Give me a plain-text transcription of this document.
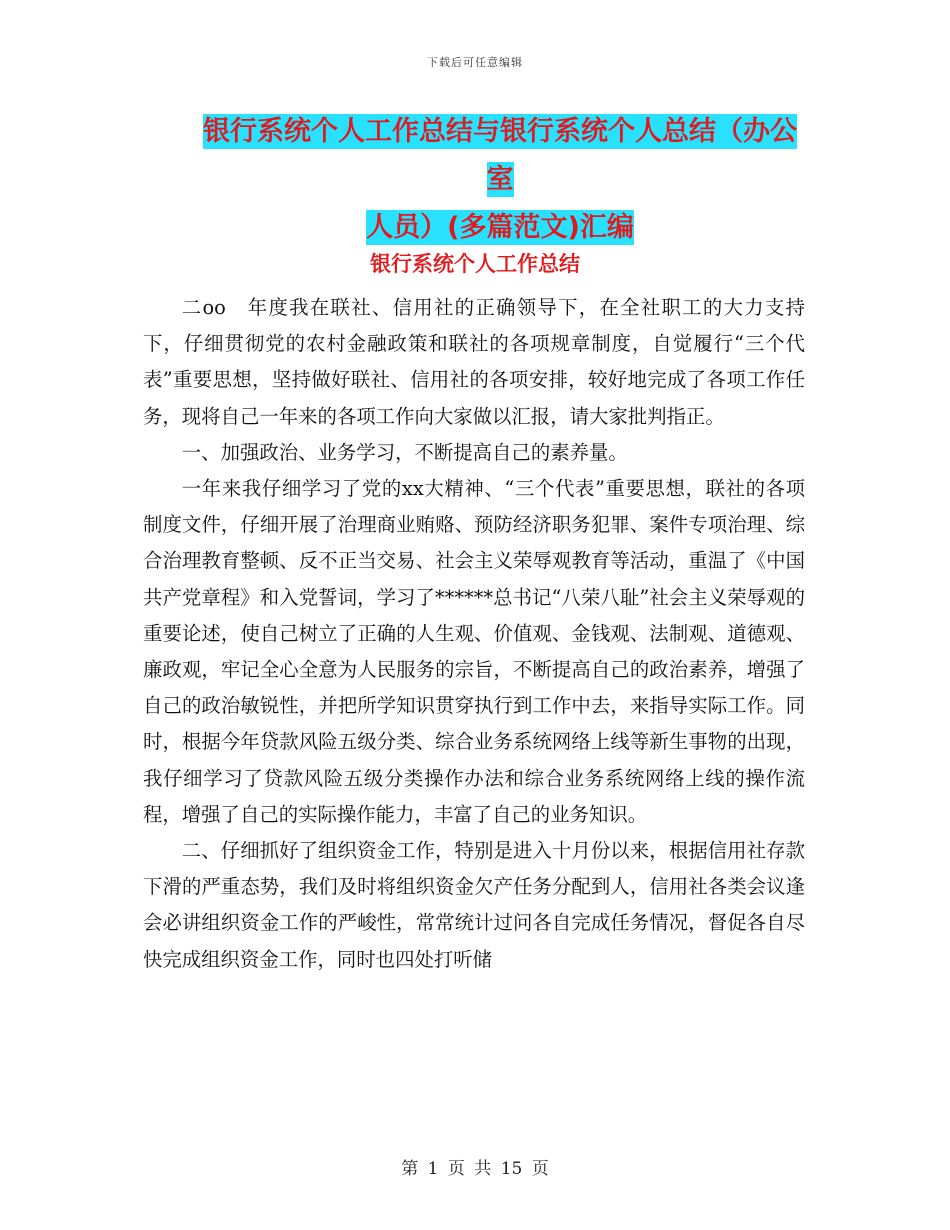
下载后可任意编辑
银行系统个人工作总结与银行系统个人总结（办公室
人员）(多篇范文)汇编
银行系统个人工作总结

二oo　年度我在联社、信用社的正确领导下，在全社职工的大力支持下，仔细贯彻党的农村金融政策和联社的各项规章制度，自觉履行“三个代表”重要思想，坚持做好联社、信用社的各项安排，较好地完成了各项工作任务，现将自己一年来的各项工作向大家做以汇报，请大家批判指正。

一、加强政治、业务学习，不断提高自己的素养量。

一年来我仔细学习了党的xx大精神、“三个代表”重要思想，联社的各项制度文件，仔细开展了治理商业贿赂、预防经济职务犯罪、案件专项治理、综合治理教育整顿、反不正当交易、社会主义荣辱观教育等活动，重温了《中国共产党章程》和入党誓词，学习了******总书记“八荣八耻”社会主义荣辱观的重要论述，使自己树立了正确的人生观、价值观、金钱观、法制观、道德观、廉政观，牢记全心全意为人民服务的宗旨，不断提高自己的政治素养，增强了自己的政治敏锐性，并把所学知识贯穿执行到工作中去，来指导实际工作。同时，根据今年贷款风险五级分类、综合业务系统网络上线等新生事物的出现，我仔细学习了贷款风险五级分类操作办法和综合业务系统网络上线的操作流程，增强了自己的实际操作能力，丰富了自己的业务知识。

二、仔细抓好了组织资金工作，特别是进入十月份以来，根据信用社存款下滑的严重态势，我们及时将组织资金欠产任务分配到人，信用社各类会议逢会必讲组织资金工作的严峻性，常常统计过问各自完成任务情况，督促各自尽快完成组织资金工作，同时也四处打听储

第 1 页 共 15 页
